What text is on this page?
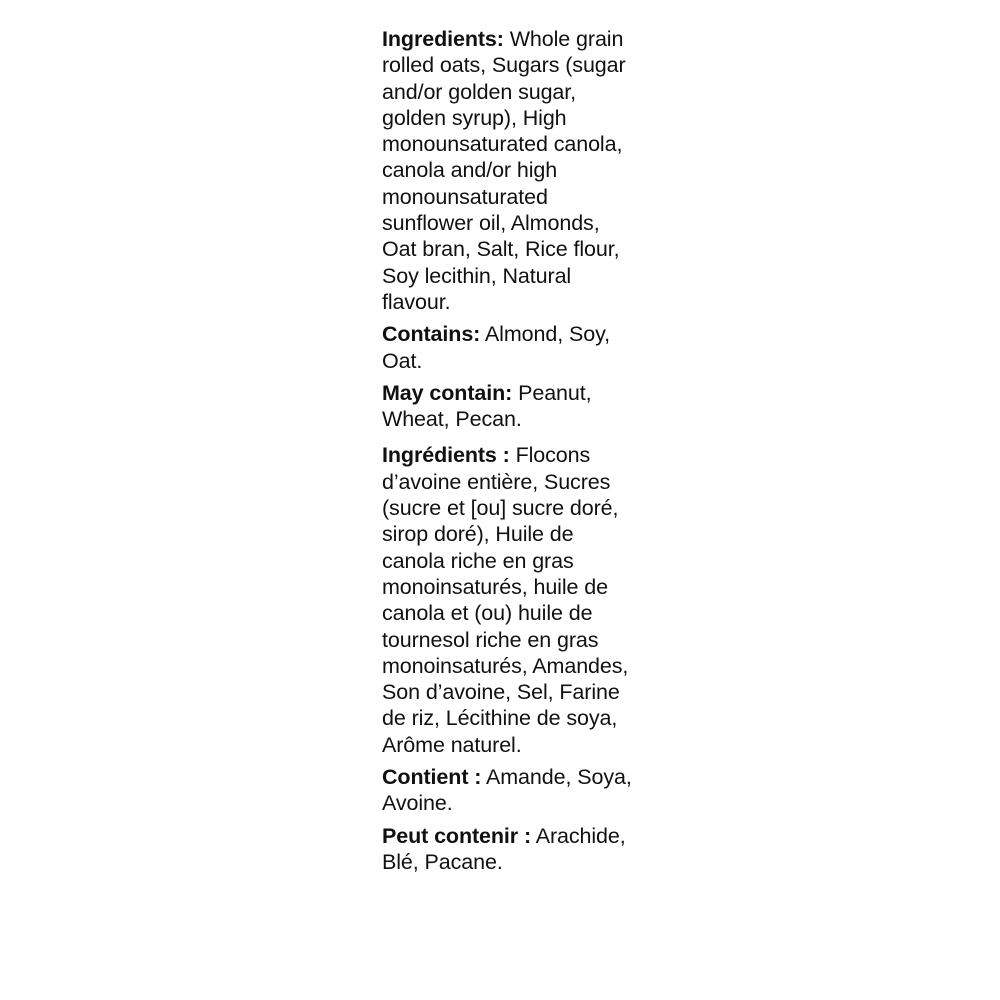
Ingredients: Whole grain rolled oats, Sugars (sugar and/or golden sugar, golden syrup), High monounsaturated canola, canola and/or high monounsaturated sunflower oil, Almonds, Oat bran, Salt, Rice flour, Soy lecithin, Natural flavour.

Contains: Almond, Soy, Oat.

May contain: Peanut, Wheat, Pecan.

Ingrédients : Flocons d’avoine entière, Sucres (sucre et [ou] sucre doré, sirop doré), Huile de canola riche en gras monoinsaturés, huile de canola et (ou) huile de tournesol riche en gras monoinsaturés, Amandes, Son d’avoine, Sel, Farine de riz, Lécithine de soya, Arôme naturel.

Contient : Amande, Soya, Avoine.

Peut contenir : Arachide, Blé, Pacane.
